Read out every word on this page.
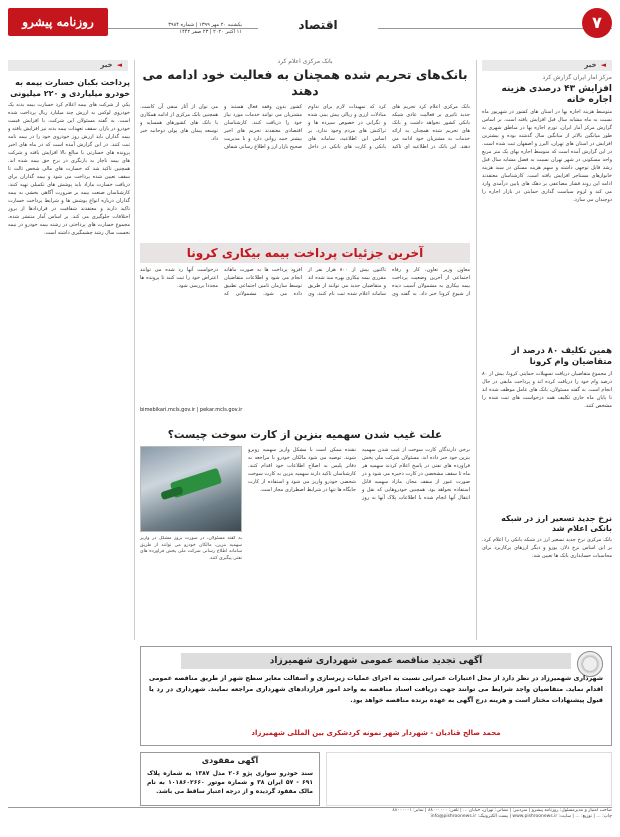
۷
اقتصاد
روزنامه پیشرو	یکشنبه ۲۰ مهر ۱۳۹۹ | شماره ۳۹۸۴
۱۱ اکتبر ۲۰۲۰ | ۲۳ صفر ۱۴۴۲
◄خبر
◄خبر
مرکز آمار ایران گزارش کرد
افزایش ۴۳ درصدی هزینه اجاره خانه
متوسط هزینه اجاره بها در استان های کشور در شهریور ماه نسبت به ماه مشابه سال قبل افزایش یافته است. بر اساس گزارش مرکز آمار ایران، تورم اجاره بها در مناطق شهری به طور میانگین بالاتر از میانگین سال گذشته بوده و بیشترین افزایش در استان های تهران، البرز و اصفهان ثبت شده است. در این گزارش آمده است که متوسط اجاره بهای یک متر مربع واحد مسکونی در شهر تهران نسبت به فصل مشابه سال قبل رشد قابل توجهی داشته و سهم هزینه مسکن در سبد هزینه خانوارهای مستاجر افزایش یافته است. کارشناسان معتقدند ادامه این روند فشار مضاعفی بر دهک های پایین درآمدی وارد می کند و لزوم سیاست گذاری حمایتی در بازار اجاره را دوچندان می سازد.
همین تکلیف ۸۰ درصد از متقاضیان وام کرونا
از مجموع متقاضیان دریافت تسهیلات حمایتی کرونا، بیش از ۸۰ درصد وام خود را دریافت کرده اند و پرداخت مابقی در حال انجام است. به گفته مسئولان، بانک های عامل موظف شده اند تا پایان ماه جاری تکلیف همه درخواست های ثبت شده را مشخص کنند.
نرخ جدید تسعیر ارز در شبکه بانکی اعلام شد
بانک مرکزی نرخ جدید تسعیر ارز در شبکه بانکی را اعلام کرد. بر این اساس نرخ دلار، یورو و دیگر ارزهای پرکاربرد برای محاسبات حسابداری بانک ها تعیین شد.
بانک مرکزی اعلام کرد
بانک‌های تحریم شده همچنان به فعالیت خود ادامه می دهند
بانک مرکزی اعلام کرد تحریم های جدید تاثیری بر فعالیت عادی شبکه بانکی کشور نخواهد داشت و بانک های تحریم شده همچنان به ارائه خدمات به مشتریان خود ادامه می دهند. این بانک در اطلاعیه ای تاکید کرد که تمهیدات لازم برای تداوم مبادلات ارزی و ریالی پیش بینی شده و نگرانی در خصوص سپرده ها و تراکنش های مردم وجود ندارد. بر اساس این اطلاعیه، سامانه های بانکی و کارت های بانکی در داخل کشور بدون وقفه فعال هستند و مشتریان می توانند خدمات مورد نیاز خود را دریافت کنند. کارشناسان اقتصادی معتقدند تحریم های اخیر بیشتر جنبه روانی دارد و با مدیریت صحیح بازار ارز و اطلاع رسانی شفاف می توان از آثار منفی آن کاست. همچنین بانک مرکزی از ادامه همکاری با بانک های کشورهای همسایه و توسعه پیمان های پولی دوجانبه خبر داد.
آخرین جزئیات پرداخت بیمه بیکاری کرونا
معاون وزیر تعاون، کار و رفاه اجتماعی از آخرین وضعیت پرداخت بیمه بیکاری به مشمولان آسیب دیده از شیوع کرونا خبر داد. به گفته وی تاکنون بیش از ۸۰۰ هزار نفر از مقرری بیمه بیکاری بهره مند شده اند و متقاضیان جدید می توانند از طریق سامانه اعلام شده ثبت نام کنند. وی افزود پرداخت ها به صورت ماهانه انجام می شود و اطلاعات متقاضیان توسط سازمان تامین اجتماعی تطبیق داده می شود. مشمولانی که درخواست آنها رد شده می توانند اعتراض خود را ثبت کنند تا پرونده ها مجددا بررسی شود.
bimebikari.mcls.gov.ir | pekar.mcls.gov.ir
علت غیب شدن سهمیه بنزین از کارت سوخت چیست؟
برخی دارندگان کارت سوخت از غیب شدن سهمیه بنزین خود خبر داده اند. مسئولان شرکت ملی پخش فراورده های نفتی در پاسخ اعلام کردند سهمیه هر ماه تا سقف مشخصی در کارت ذخیره می شود و در صورت عبور از سقف مجاز، مازاد سهمیه قابل استفاده نخواهد بود. همچنین خودروهایی که نقل و انتقال آنها انجام شده یا اطلاعات پلاک آنها به روز نشده ممکن است با مشکل واریز سهمیه روبرو شوند. توصیه می شود مالکان خودرو با مراجعه به دفاتر پلیس به اصلاح اطلاعات خود اقدام کنند. کارشناسان تاکید دارند سهمیه بنزین به کارت سوخت شخصی خودرو واریز می شود و استفاده از کارت جایگاه ها تنها در شرایط اضطراری مجاز است.
به گفته مسئولان، در صورت بروز مشکل در واریز سهمیه بنزین، مالکان خودرو می توانند از طریق سامانه اطلاع رسانی شرکت ملی پخش فراورده های نفتی پیگیری کنند.
پرداخت بکبان خسارت بیمه به خودرو میلیاردی و ۲۲۰ میلیونی
یکی از شرکت های بیمه اعلام کرد خسارت بیمه بدنه یک خودروی لوکس به ارزش چند میلیارد ریال پرداخت شده است. به گفته مسئولان این شرکت، با افزایش قیمت خودرو در بازار، سقف تعهدات بیمه بدنه نیز افزایش یافته و بیمه گذاران باید ارزش روز خودروی خود را در بیمه نامه ثبت کنند. در این گزارش آمده است که در ماه های اخیر پرونده های خسارتی با مبالغ بالا افزایش یافته و شرکت های بیمه ناچار به بازنگری در نرخ حق بیمه شده اند. همچنین تاکید شد که خسارت های مالی شخص ثالث تا سقف تعیین شده پرداخت می شود و بیمه گذاران برای دریافت خسارت مازاد باید پوشش های تکمیلی تهیه کنند. کارشناسان صنعت بیمه بر ضرورت آگاهی بخشی به بیمه گذاران درباره انواع پوشش ها و شرایط پرداخت خسارت تاکید دارند و معتقدند شفافیت در قراردادها از بروز اختلافات جلوگیری می کند. بر اساس آمار منتشر شده، مجموع خسارت های پرداختی در رشته بیمه خودرو در نیمه نخست سال رشد چشمگیری داشته است.
آگهی تجدید مناقصه عمومی شهرداری شهمیرزاد
شهرداری شهمیرزاد در نظر دارد از محل اعتبارات عمرانی نسبت به اجرای عملیات زیرسازی و آسفالت معابر سطح شهر از طریق مناقصه عمومی اقدام نماید. متقاضیان واجد شرایط می توانند جهت دریافت اسناد مناقصه به واحد امور قراردادهای شهرداری مراجعه نمایند. شهرداری در رد یا قبول پیشنهادات مختار است و هزینه درج آگهی به عهده برنده مناقصه خواهد بود.
محمد صالح قنادیان - شهردار شهر نمونه کردشکری بین المللی شهمیرزاد
آگهی مفقودی
سند خودرو سواری پژو ۲۰۶ مدل ۱۳۸۷ به شماره پلاک ۶۹۱ - ۵۷ ایران ۳۸ و شماره موتور ۱۰۱۸۶۰۲۶۶۰ به نام مالک مفقود گردیده و از درجه اعتبار ساقط می باشد.
صاحب امتیاز و مدیرمسئول: روزنامه پیشرو | سردبیر: | نشانی: تهران، خیابان ... | تلفن: ۸۸۰۰۰۰۰۰ | نمابر: ۸۸۰۰۰۰۰۱
چاپ: ... | توزیع: ... | سایت: www.pishroonews.ir | پست الکترونیک: info@pishroonews.ir
